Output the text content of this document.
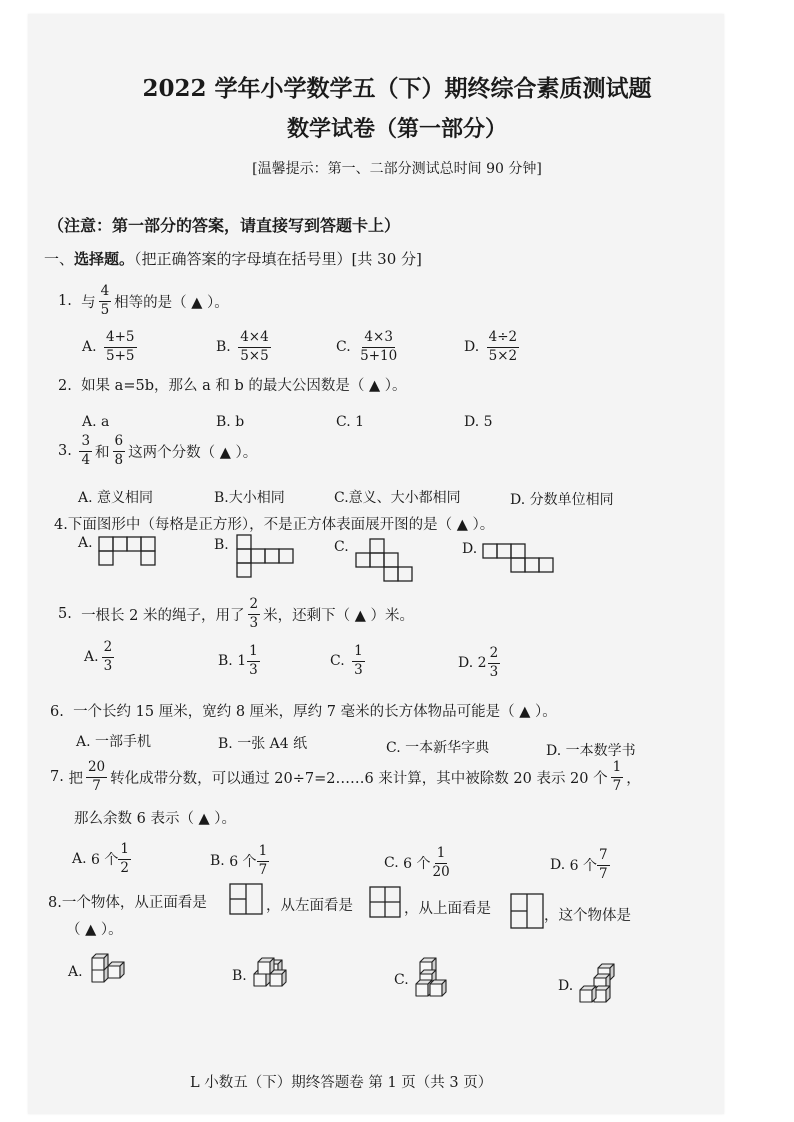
2022 学年小学数学五（下）期终综合素质测试题
数学试卷（第一部分）
[温馨提示：第一、二部分测试总时间 90 分钟]
（注意：第一部分的答案，请直接写到答题卡上）
一、选择题。（把正确答案的字母填在括号里）[共 30 分]
1.
与 $\frac{4}{5}$ 相等的是（ ▲ ）。
A.
$\frac{4+5}{5+5}$	B.
$\frac{4\times 4}{5\times 5}$	C.
$\frac{4\times 3}{5+10}$	D.
$\frac{4\div 2}{5\times 2}$
2. 如果 a=5b，那么 a 和 b 的最大公因数是（ ▲ ）。
A. a	B. b	C. 1	D. 5
3.
$\frac{3}{4}$ 和 $\frac{6}{8}$ 这两个分数（ ▲ ）。
A. 意义相同	B.大小相同	C.意义、大小都相同	D. 分数单位相同
4.下面图形中（每格是正方形），不是正方体表面展开图的是（ ▲ ）。
A.	B.	C.	D.
5.
一根长 2 米的绳子，用了 $\frac{2}{3}$ 米，还剩下（ ▲ ）米。
A. $\frac{2}{3}$	B.
$1 \frac{1}{3}$	C.
$\frac{1}{3}$	D.
$2 \frac{2}{3}$
6. 一个长约 15 厘米，宽约 8 厘米，厚约 7 毫米的长方体物品可能是（ ▲ ）。
A. 一部手机	B. 一张 A4 纸	C. 一本新华字典	D. 一本数学书
7.
把 $\frac{20}{7}$ 转化成带分数，可以通过 20÷7=2……6 来计算，其中被除数 20 表示 20 个 $\frac{1}{7}$ ，
那么余数 6 表示（ ▲ ）。
A.
6 个 $\frac{1}{2}$	B.
6 个 $\frac{1}{7}$	C.
6 个 $\frac{1}{20}$	D.
6 个 $\frac{7}{7}$
8.一个物体，从正面看是	，从左面看是	，从上面看是	，这个物体是
（ ▲ ）。
A.	B.	C.	D.
L 小数五（下）期终答题卷 第 1 页（共 3 页）
